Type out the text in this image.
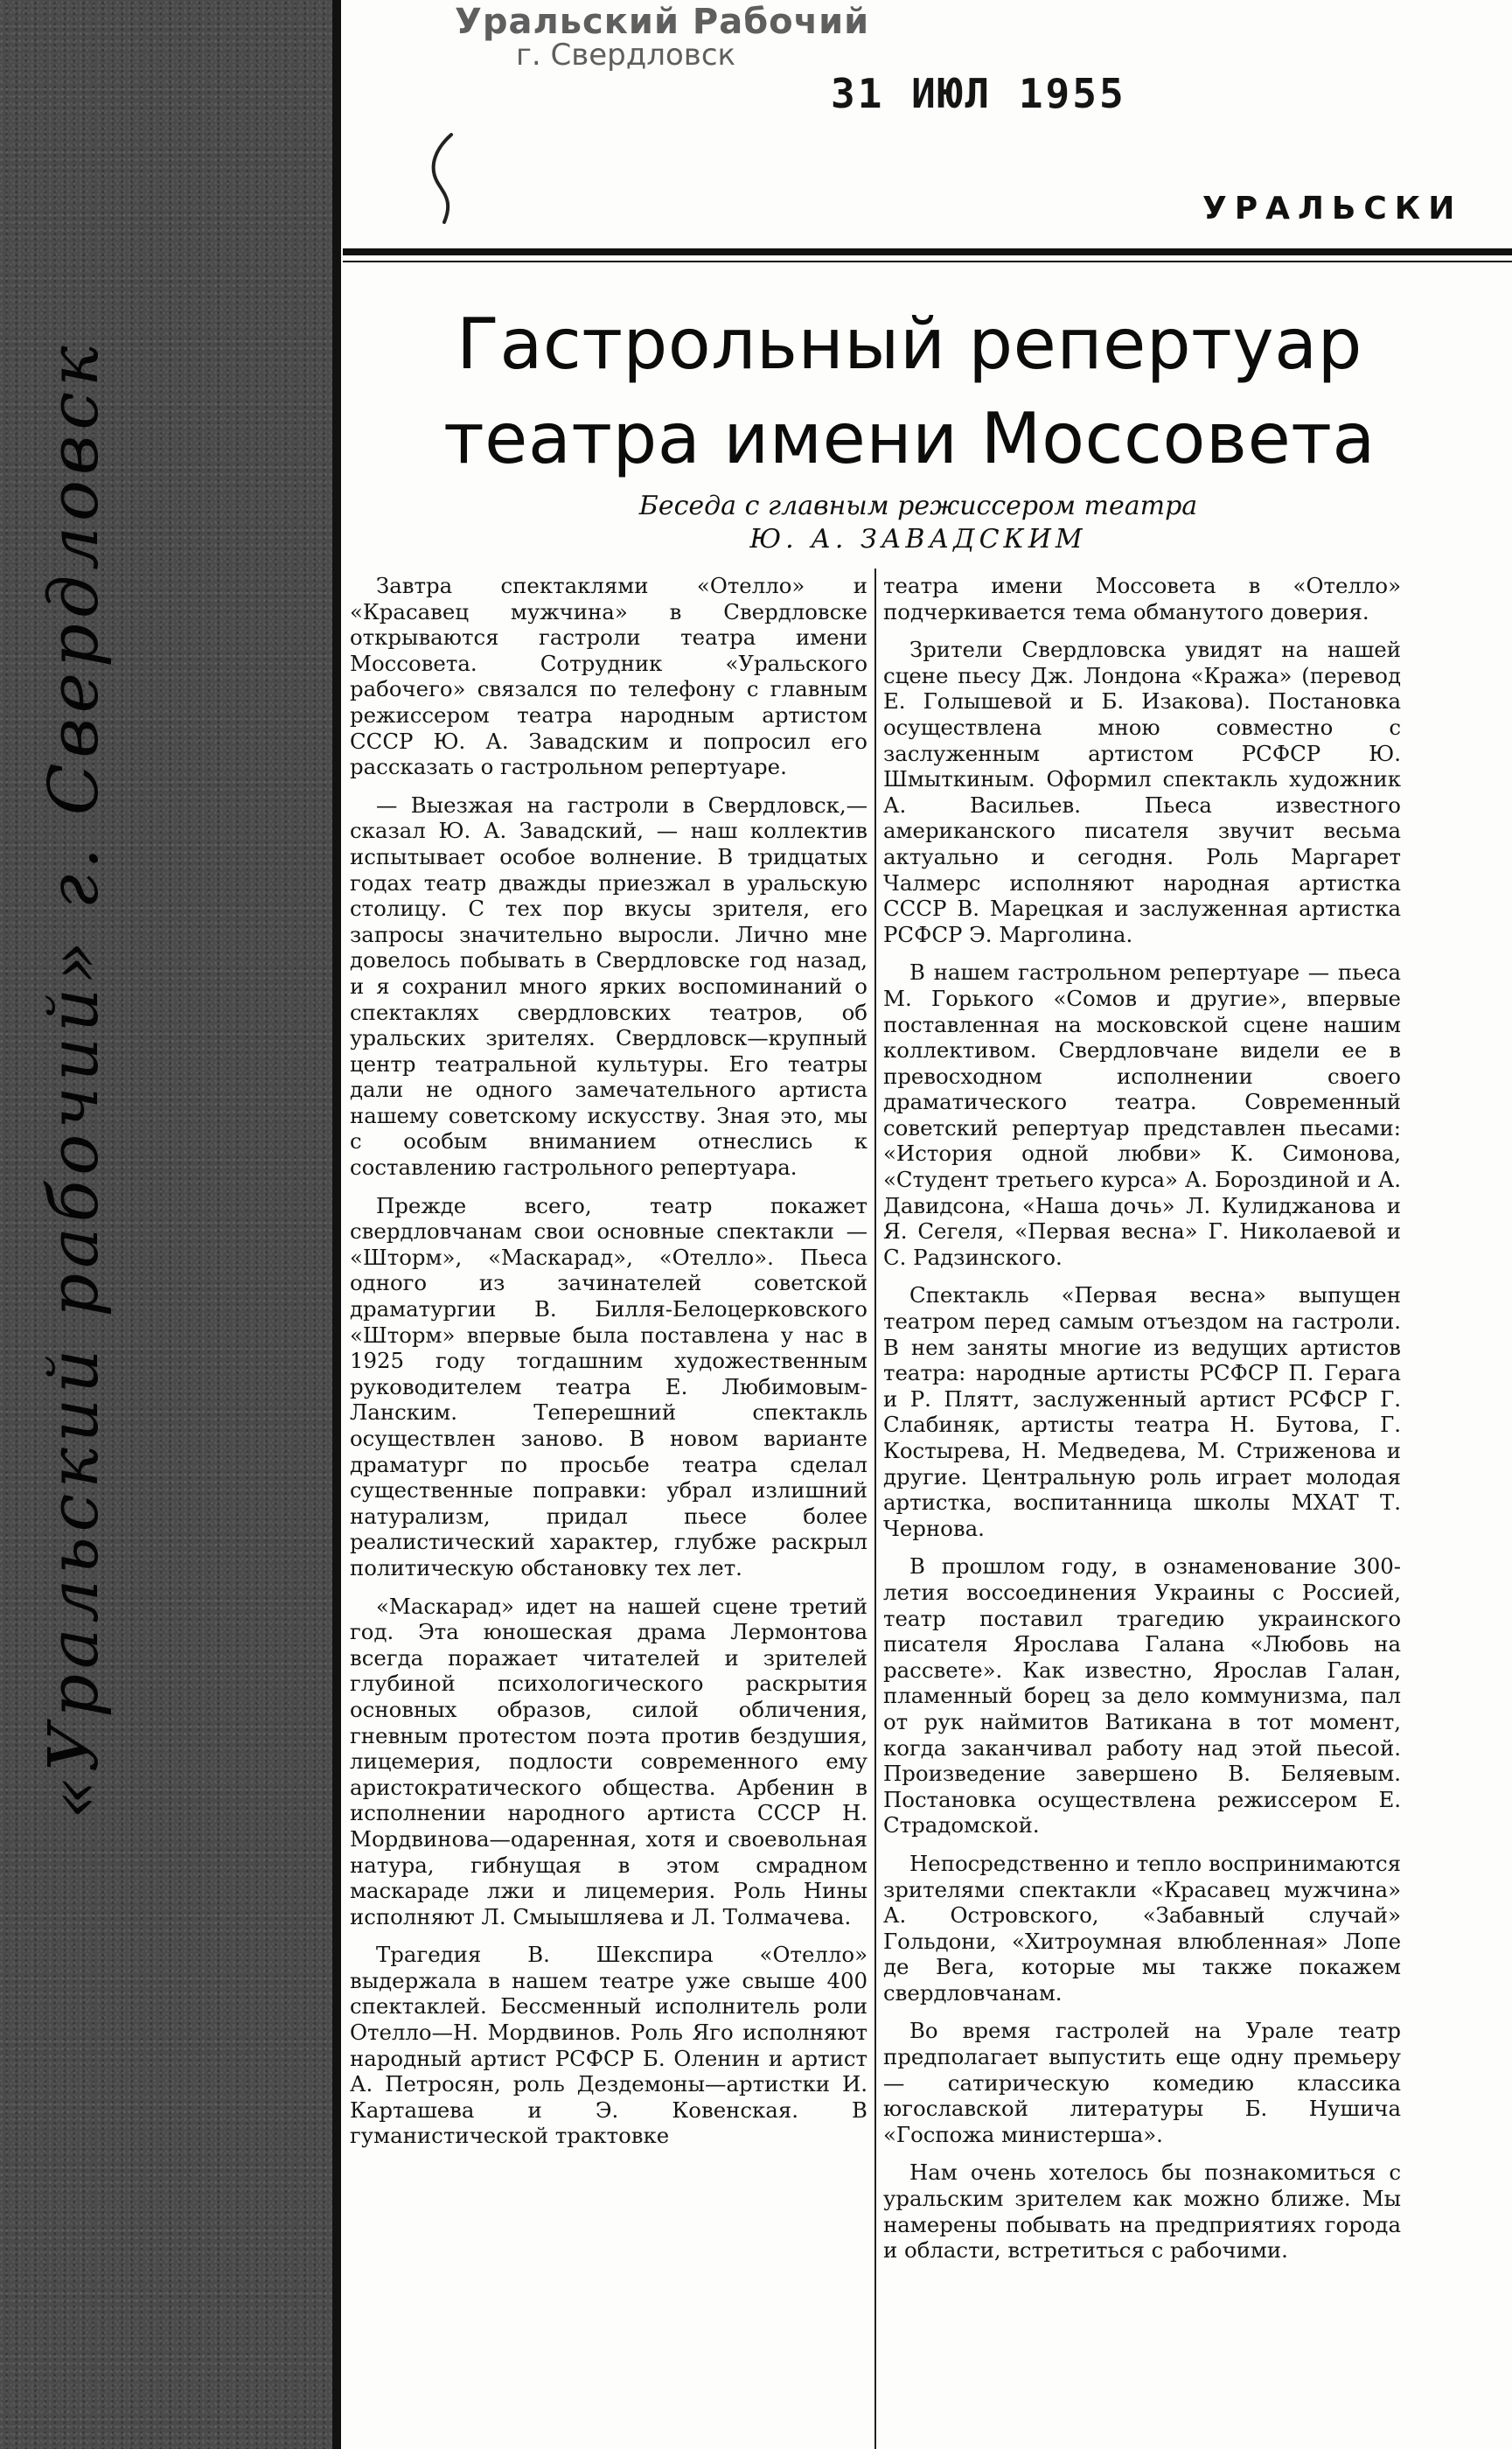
«Уральский рабочий» г. Свердловск
Уральский Рабочий
г. Свердловск
31 ИЮЛ 1955
УРАЛЬСКИ
Гастрольный репертуар
театра имени Моссовета
Беседа с главным режиссером театра
Ю. А. ЗАВАДСКИМ

Завтра спектаклями «Отелло» и «Красавец мужчина» в Свердловске открываются гастроли театра имени Моссовета. Сотрудник «Уральского рабочего» связался по телефону с главным режиссером театра народным артистом СССР Ю. А. Завадским и попросил его рассказать о гастрольном репертуаре.

— Выезжая на гастроли в Свердловск,—сказал Ю. А. Завадский, — наш коллектив испытывает особое волнение. В тридцатых годах театр дважды приезжал в уральскую столицу. С тех пор вкусы зрителя, его запросы значительно выросли. Лично мне довелось побывать в Свердловске год назад, и я сохранил много ярких воспоминаний о спектаклях свердловских театров, об уральских зрителях. Свердловск—крупный центр театральной культуры. Его театры дали не одного замечательного артиста нашему советскому искусству. Зная это, мы с особым вниманием отнеслись к составлению гастрольного репертуара.

Прежде всего, театр покажет свердловчанам свои основные спектакли — «Шторм», «Маскарад», «Отелло». Пьеса одного из зачинателей советской драматургии В. Билля-Белоцерковского «Шторм» впервые была поставлена у нас в 1925 году тогдашним художественным руководителем театра Е. Любимовым-Ланским. Теперешний спектакль осуществлен заново. В новом варианте драматург по просьбе театра сделал существенные поправки: убрал излишний натурализм, придал пьесе более реалистический характер, глубже раскрыл политическую обстановку тех лет.

«Маскарад» идет на нашей сцене третий год. Эта юношеская драма Лермонтова всегда поражает читателей и зрителей глубиной психологического раскрытия основных образов, силой обличения, гневным протестом поэта против бездушия, лицемерия, подлости современного ему аристократического общества. Арбенин в исполнении народного артиста СССР Н. Мордвинова—одаренная, хотя и своевольная натура, гибнущая в этом смрадном маскараде лжи и лицемерия. Роль Нины исполняют Л. Смыышляева и Л. Толмачева.

Трагедия В. Шекспира «Отелло» выдержала в нашем театре уже свыше 400 спектаклей. Бессменный исполнитель роли Отелло—Н. Мордвинов. Роль Яго исполняют народный артист РСФСР Б. Оленин и артист А. Петросян, роль Дездемоны—артистки И. Карташева и Э. Ковенская. В гуманистической трактовке

театра имени Моссовета в «Отелло» подчеркивается тема обманутого доверия.

Зрители Свердловска увидят на нашей сцене пьесу Дж. Лондона «Кража» (перевод Е. Голышевой и Б. Изакова). Постановка осуществлена мною совместно с заслуженным артистом РСФСР Ю. Шмыткиным. Оформил спектакль художник А. Васильев. Пьеса известного американского писателя звучит весьма актуально и сегодня. Роль Маргарет Чалмерс исполняют народная артистка СССР В. Марецкая и заслуженная артистка РСФСР Э. Марголина.

В нашем гастрольном репертуаре — пьеса М. Горького «Сомов и другие», впервые поставленная на московской сцене нашим коллективом. Свердловчане видели ее в превосходном исполнении своего драматического театра. Современный советский репертуар представлен пьесами: «История одной любви» К. Симонова, «Студент третьего курса» А. Бороздиной и А. Давидсона, «Наша дочь» Л. Кулиджанова и Я. Сегеля, «Первая весна» Г. Николаевой и С. Радзинского.

Спектакль «Первая весна» выпущен театром перед самым отъездом на гастроли. В нем заняты многие из ведущих артистов театра: народные артисты РСФСР П. Герага и Р. Плятт, заслуженный артист РСФСР Г. Слабиняк, артисты театра Н. Бутова, Г. Костырева, Н. Медведева, М. Стриженова и другие. Центральную роль играет молодая артистка, воспитанница школы МХАТ Т. Чернова.

В прошлом году, в ознаменование 300-летия воссоединения Украины с Россией, театр поставил трагедию украинского писателя Ярослава Галана «Любовь на рассвете». Как известно, Ярослав Галан, пламенный борец за дело коммунизма, пал от рук наймитов Ватикана в тот момент, когда заканчивал работу над этой пьесой. Произведение завершено В. Беляевым. Постановка осуществлена режиссером Е. Страдомской.

Непосредственно и тепло воспринимаются зрителями спектакли «Красавец мужчина» А. Островского, «Забавный случай» Гольдони, «Хитроумная влюбленная» Лопе де Вега, которые мы также покажем свердловчанам.

Во время гастролей на Урале театр предполагает выпустить еще одну премьеру — сатирическую комедию классика югославской литературы Б. Нушича «Госпожа министерша».

Нам очень хотелось бы познакомиться с уральским зрителем как можно ближе. Мы намерены побывать на предприятиях города и области, встретиться с рабочими.
